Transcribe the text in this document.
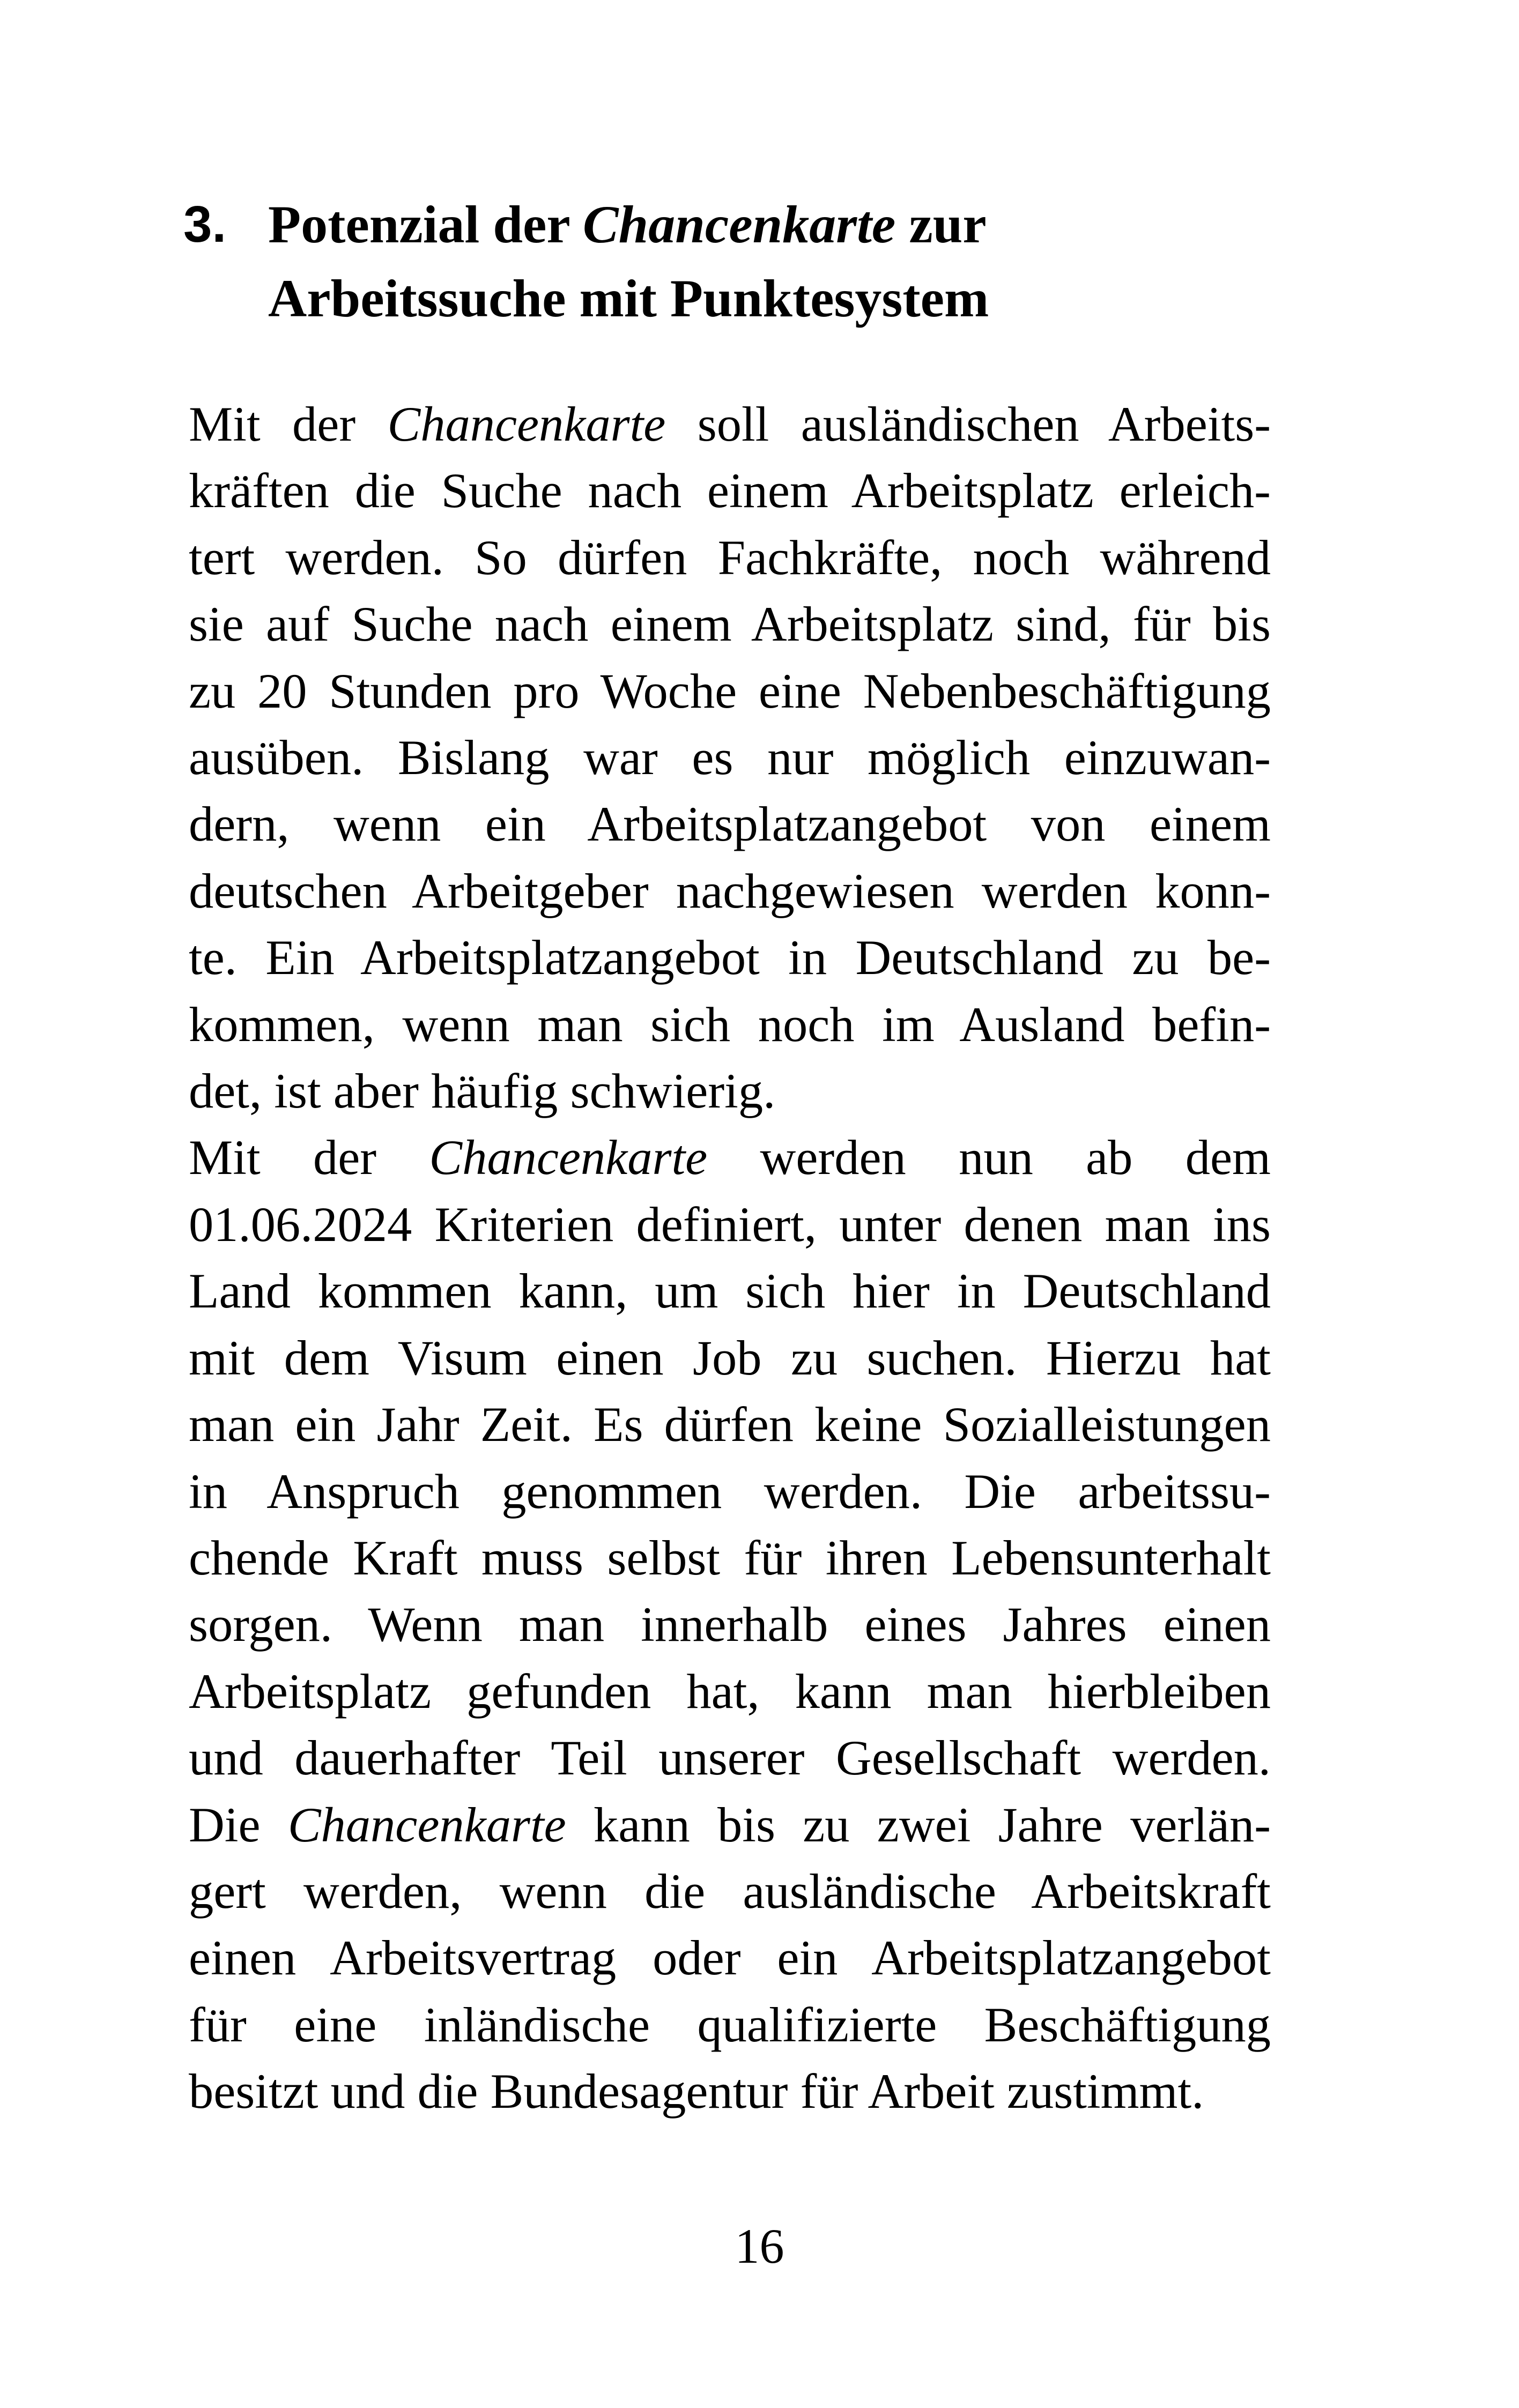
3. Potenzial der Chancenkarte zur
Arbeitssuche mit Punktesystem
Mit der Chancenkarte soll ausländischen Arbeits-
kräften die Suche nach einem Arbeitsplatz erleich-
tert werden. So dürfen Fachkräfte, noch während
sie auf Suche nach einem Arbeitsplatz sind, für bis
zu 20 Stunden pro Woche eine Nebenbeschäftigung
ausüben. Bislang war es nur möglich einzuwan-
dern, wenn ein Arbeitsplatzangebot von einem
deutschen Arbeitgeber nachgewiesen werden konn-
te. Ein Arbeitsplatzangebot in Deutschland zu be-
kommen, wenn man sich noch im Ausland befin-
det, ist aber häufig schwierig.
Mit der Chancenkarte werden nun ab dem
01.06.2024 Kriterien definiert, unter denen man ins
Land kommen kann, um sich hier in Deutschland
mit dem Visum einen Job zu suchen. Hierzu hat
man ein Jahr Zeit. Es dürfen keine Sozialleistungen
in Anspruch genommen werden. Die arbeitssu-
chende Kraft muss selbst für ihren Lebensunterhalt
sorgen. Wenn man innerhalb eines Jahres einen
Arbeitsplatz gefunden hat, kann man hierbleiben
und dauerhafter Teil unserer Gesellschaft werden.
Die Chancenkarte kann bis zu zwei Jahre verlän-
gert werden, wenn die ausländische Arbeitskraft
einen Arbeitsvertrag oder ein Arbeitsplatzangebot
für eine inländische qualifizierte Beschäftigung
besitzt und die Bundesagentur für Arbeit zustimmt.
16
